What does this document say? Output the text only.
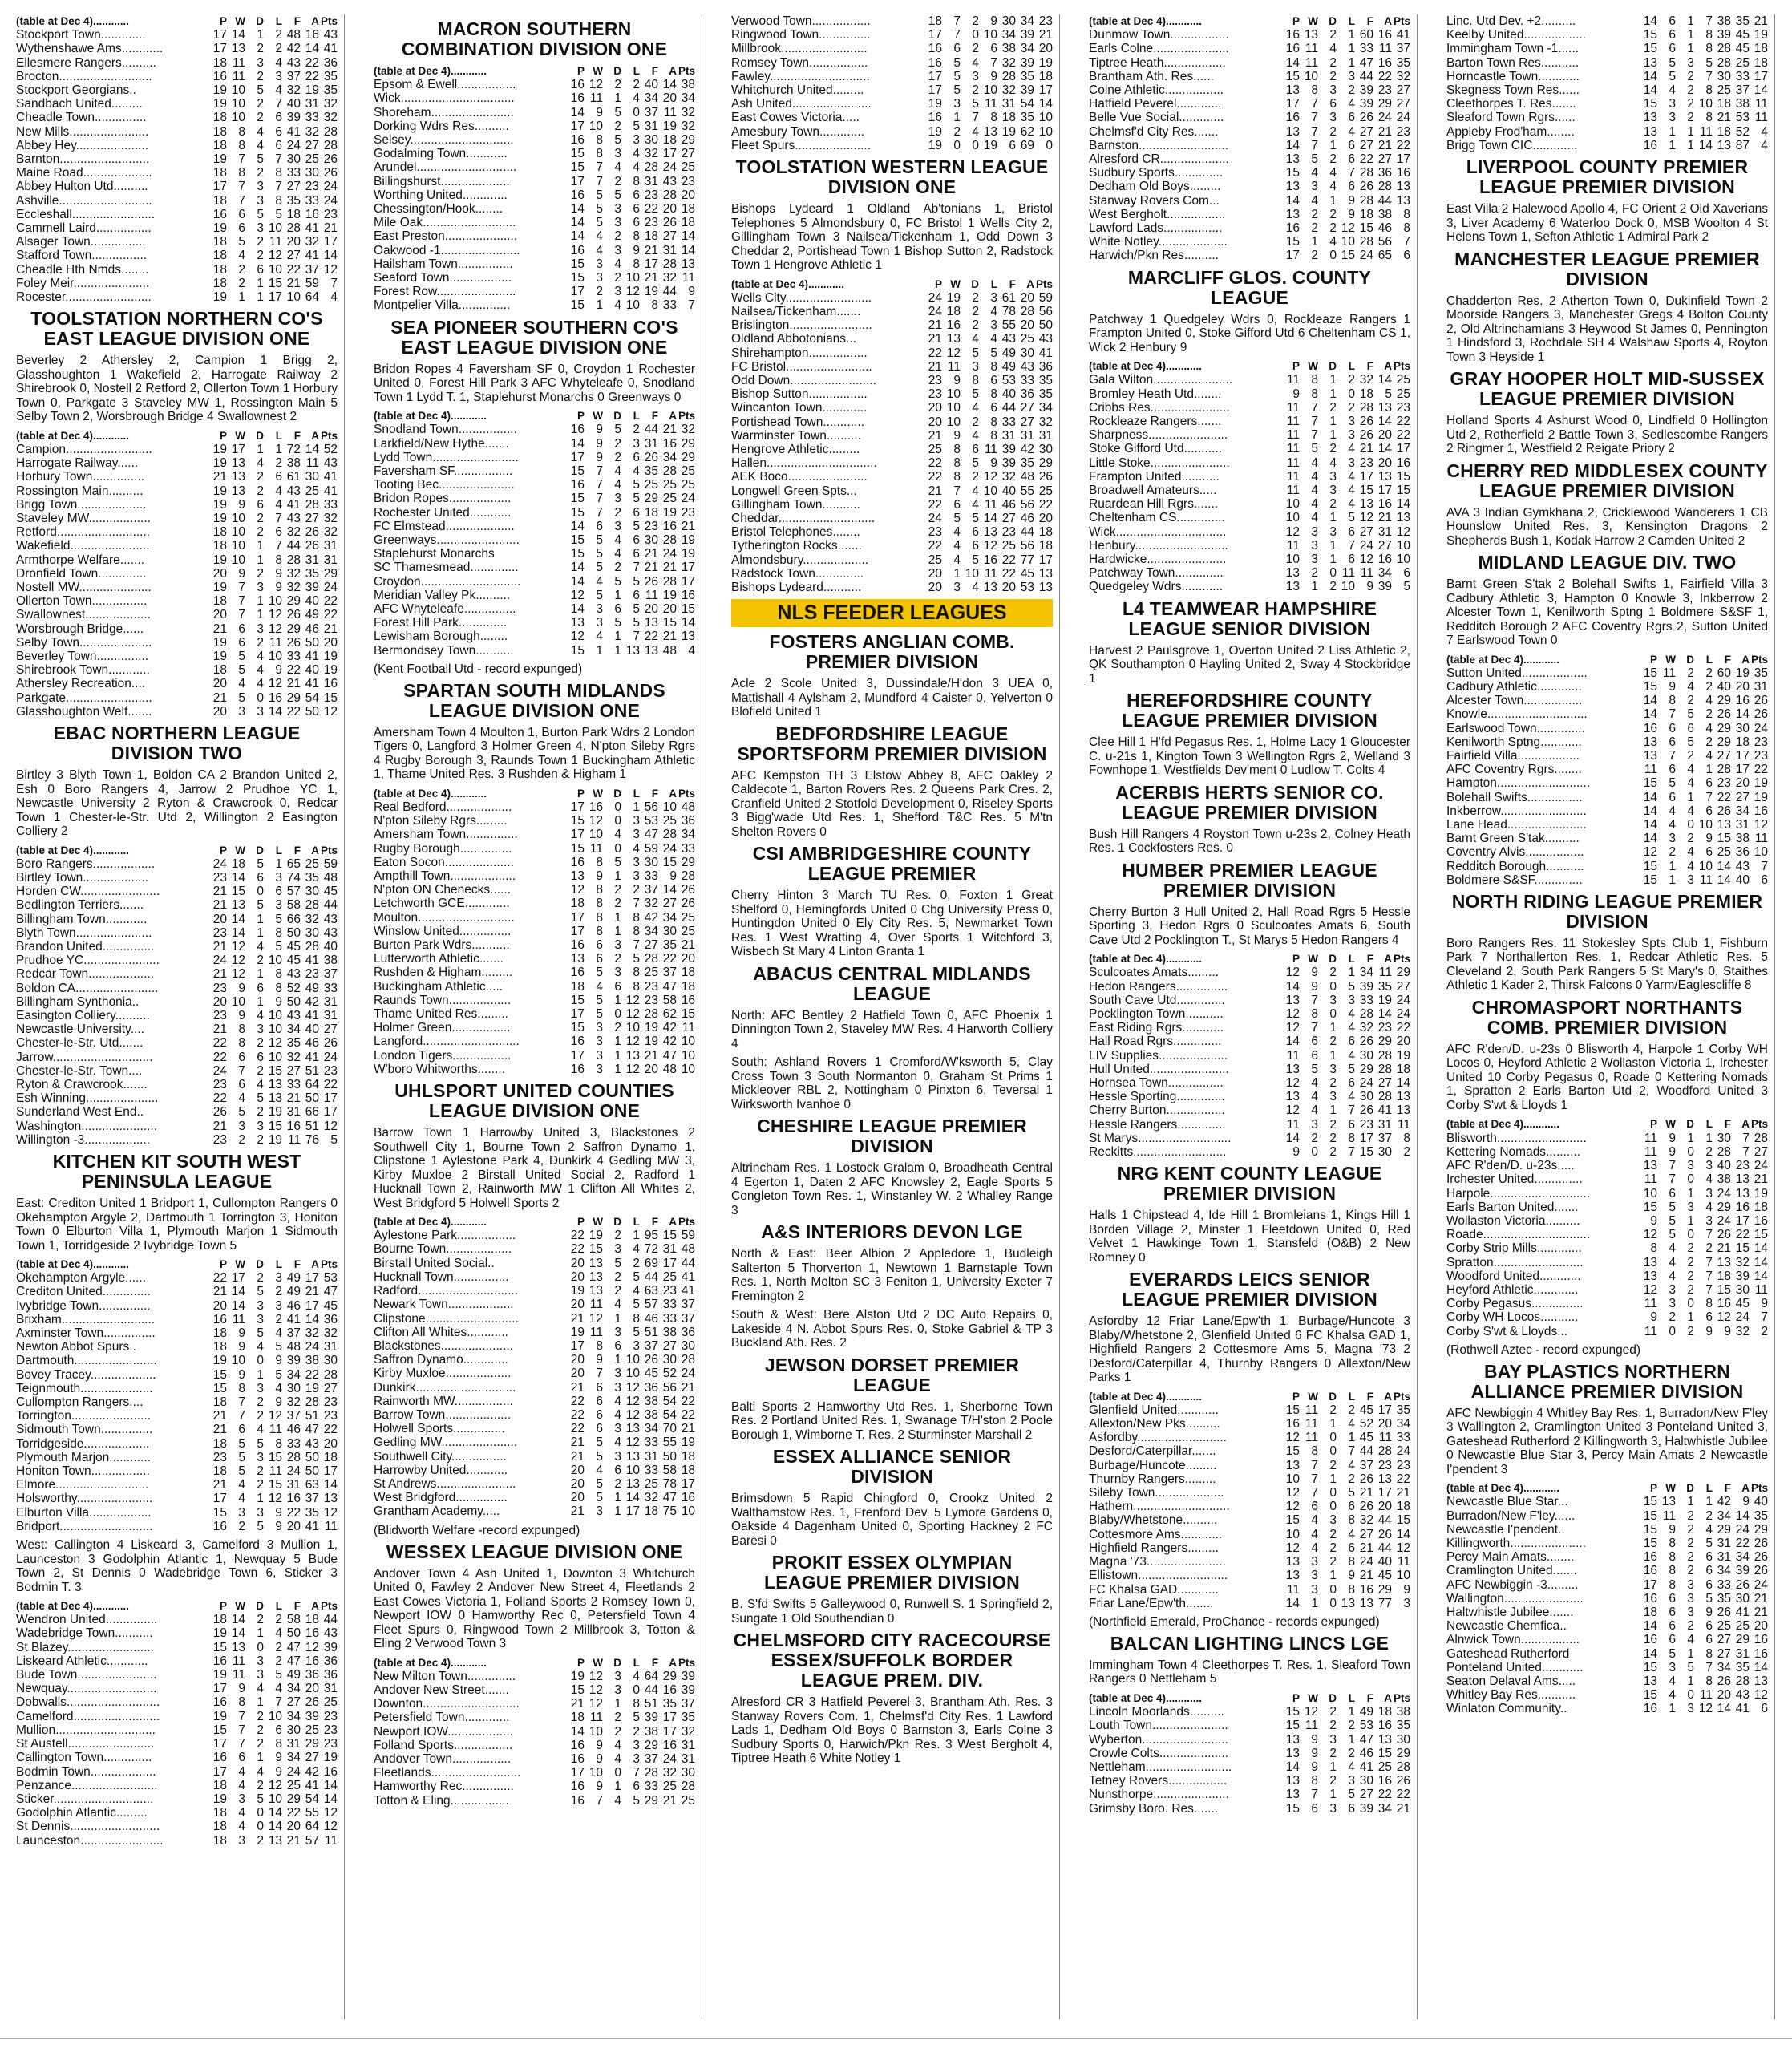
(table at Dec 4)............	P	W	D	L	F	A	Pts
Stockport Town.............	17	14	1	2	48	16	43
Wythenshawe Ams............	17	13	2	2	42	14	41
Ellesmere Rangers..........	18	11	3	4	43	22	36
Brocton...........................	16	11	2	3	37	22	35
Stockport Georgians..	19	10	5	4	32	19	35
Sandbach United.........	19	10	2	7	40	31	32
Cheadle Town...............	18	10	2	6	39	33	32
New Mills.......................	18	8	4	6	41	32	28
Abbey Hey.....................	18	8	4	6	24	27	28
Barnton..........................	19	7	5	7	30	25	26
Maine Road....................	18	8	2	8	33	30	26
Abbey Hulton Utd..........	17	7	3	7	27	23	24
Ashville...........................	18	7	3	8	35	33	24
Eccleshall........................	16	6	5	5	18	16	23
Cammell Laird................	19	6	3	10	28	41	21
Alsager Town................	18	5	2	11	20	32	17
Stafford Town................	18	4	2	12	27	41	14
Cheadle Hth Nmds........	18	2	6	10	22	37	12
Foley Meir......................	18	2	1	15	21	59	7
Rocester.........................	19	1	1	17	10	64	4
TOOLSTATION NORTHERN CO'S EAST LEAGUE DIVISION ONE
Beverley 2 Athersley 2, Campion 1 Brigg 2, Glasshoughton 1 Wakefield 2, Harrogate Railway 2 Shirebrook 0, Nostell 2 Retford 2, Ollerton Town 1 Horbury Town 0, Parkgate 3 Staveley MW 1, Rossington Main 5 Selby Town 2, Worsbrough Bridge 4 Swallownest 2
(table at Dec 4)............	P	W	D	L	F	A	Pts
Campion.........................	19	17	1	1	72	14	52
Harrogate Railway......	19	13	4	2	38	11	43
Horbury Town...............	21	13	2	6	61	30	41
Rossington Main..........	19	13	2	4	43	25	41
Brigg Town....................	19	9	6	4	41	28	33
Staveley MW..................	19	10	2	7	43	27	32
Retford...........................	18	10	2	6	32	26	32
Wakefield.......................	18	10	1	7	44	26	31
Armthorpe Welfare.......	19	10	1	8	28	31	31
Dronfield Town..............	20	9	2	9	32	35	29
Nostell MW.....................	19	7	3	9	32	39	24
Ollerton Town................	18	7	1	10	29	40	22
Swallownest...................	20	7	1	12	26	49	22
Worsbrough Bridge......	21	6	3	12	29	46	21
Selby Town.....................	19	6	2	11	26	50	20
Beverley Town...............	19	5	4	10	33	41	19
Shirebrook Town............	18	5	4	9	22	40	19
Athersley Recreation....	20	4	4	12	21	41	16
Parkgate.........................	21	5	0	16	29	54	15
Glasshoughton Welf.......	20	3	3	14	22	50	12
EBAC NORTHERN LEAGUE DIVISION TWO
Birtley 3 Blyth Town 1, Boldon CA 2 Brandon United 2, Esh 0 Boro Rangers 4, Jarrow 2 Prudhoe YC 1, Newcastle University 2 Ryton & Crawcrook 0, Redcar Town 1 Chester-le-Str. Utd 2, Willington 2 Easington Colliery 2
(table at Dec 4)............	P	W	D	L	F	A	Pts
Boro Rangers..................	24	18	5	1	65	25	59
Birtley Town...................	23	14	6	3	74	35	48
Horden CW.......................	21	15	0	6	57	30	45
Bedlington Terriers.......	21	13	5	3	58	28	44
Billingham Town............	20	14	1	5	66	32	43
Blyth Town......................	23	14	1	8	50	30	43
Brandon United...............	21	12	4	5	45	28	40
Prudhoe YC......................	24	12	2	10	45	41	38
Redcar Town...................	21	12	1	8	43	23	37
Boldon CA........................	23	9	6	8	52	49	33
Billingham Synthonia..	20	10	1	9	50	42	31
Easington Colliery..........	23	9	4	10	43	41	31
Newcastle University....	21	8	3	10	34	40	27
Chester-le-Str. Utd.......	22	8	2	12	35	46	26
Jarrow.............................	22	6	6	10	32	41	24
Chester-le-Str. Town....	24	7	2	15	27	51	23
Ryton & Crawcrook.......	23	6	4	13	33	64	22
Esh Winning.....................	22	4	5	13	21	50	17
Sunderland West End..	26	5	2	19	31	66	17
Washington......................	21	3	3	15	16	51	12
Willington -3...................	23	2	2	19	11	76	5
KITCHEN KIT SOUTH WEST PENINSULA LEAGUE
East: Crediton United 1 Bridport 1, Cullompton Rangers 0 Okehampton Argyle 2, Dartmouth 1 Torrington 3, Honiton Town 0 Elburton Villa 1, Plymouth Marjon 1 Sidmouth Town 1, Torridgeside 2 Ivybridge Town 5
(table at Dec 4)............	P	W	D	L	F	A	Pts
Okehampton Argyle......	22	17	2	3	49	17	53
Crediton United..............	21	14	5	2	49	21	47
Ivybridge Town...............	20	14	3	3	46	17	45
Brixham...........................	16	11	3	2	41	14	36
Axminster Town...............	18	9	5	4	37	32	32
Newton Abbot Spurs..	18	9	4	5	48	24	31
Dartmouth........................	19	10	0	9	39	38	30
Bovey Tracey...................	15	9	1	5	34	22	28
Teignmouth.....................	15	8	3	4	30	19	27
Cullompton Rangers....	18	7	2	9	32	28	23
Torrington.......................	21	7	2	12	37	51	23
Sidmouth Town...............	21	6	4	11	46	47	22
Torridgeside...................	18	5	5	8	33	43	20
Plymouth Marjon............	23	5	3	15	28	50	18
Honiton Town.................	18	5	2	11	24	50	17
Elmore...........................	21	4	2	15	31	63	14
Holsworthy......................	17	4	1	12	16	37	13
Elburton Villa..................	15	3	3	9	22	35	12
Bridport...........................	16	2	5	9	20	41	11
West: Callington 4 Liskeard 3, Camelford 3 Mullion 1, Launceston 3 Godolphin Atlantic 1, Newquay 5 Bude Town 2, St Dennis 0 Wadebridge Town 6, Sticker 3 Bodmin T. 3
(table at Dec 4)............	P	W	D	L	F	A	Pts
Wendron United...............	18	14	2	2	58	18	44
Wadebridge Town...........	19	14	1	4	50	16	43
St Blazey.........................	15	13	0	2	47	12	39
Liskeard Athletic............	16	11	3	2	47	16	36
Bude Town.......................	19	11	3	5	49	36	36
Newquay..........................	17	9	4	4	34	20	31
Dobwalls...........................	16	8	1	7	27	26	25
Camelford.........................	19	7	2	10	34	39	23
Mullion.............................	15	7	2	6	30	25	23
St Austell.........................	17	7	2	8	31	29	23
Callington Town..............	16	6	1	9	34	27	19
Bodmin Town...................	17	4	4	9	24	42	16
Penzance.........................	18	4	2	12	25	41	14
Sticker.............................	19	3	5	10	29	54	14
Godolphin Atlantic.........	18	4	0	14	22	55	12
St Dennis..........................	18	4	0	14	20	64	12
Launceston........................	18	3	2	13	21	57	11
MACRON SOUTHERN COMBINATION DIVISION ONE
(table at Dec 4)............	P	W	D	L	F	A	Pts
Epsom & Ewell.................	16	12	2	2	40	14	38
Wick.................................	16	11	1	4	34	20	34
Shoreham........................	14	9	5	0	37	11	32
Dorking Wdrs Res..........	17	10	2	5	31	19	32
Selsey..............................	16	8	5	3	30	18	29
Godalming Town............	15	8	3	4	32	17	27
Arundel.............................	15	7	4	4	28	24	25
Billingshurst....................	17	7	2	8	31	43	23
Worthing United.............	16	5	5	6	23	28	20
Chessington/Hook........	14	5	3	6	22	20	18
Mile Oak...........................	14	5	3	6	23	26	18
East Preston.....................	14	4	2	8	18	27	14
Oakwood -1.......................	16	4	3	9	21	31	14
Hailsham Town................	15	3	4	8	17	28	13
Seaford Town..................	15	3	2	10	21	32	11
Forest Row.......................	17	2	3	12	19	44	9
Montpelier Villa...............	15	1	4	10	8	33	7
SEA PIONEER SOUTHERN CO'S EAST LEAGUE DIVISION ONE
Bridon Ropes 4 Faversham SF 0, Croydon 1 Rochester United 0, Forest Hill Park 3 AFC Whyteleafe 0, Snodland Town 1 Lydd T. 1, Staplehurst Monarchs 0 Greenways 0
(table at Dec 4)............	P	W	D	L	F	A	Pts
Snodland Town.................	16	9	5	2	44	21	32
Larkfield/New Hythe.......	14	9	2	3	31	16	29
Lydd Town.........................	17	9	2	6	26	34	29
Faversham SF.................	15	7	4	4	35	28	25
Tooting Bec......................	16	7	4	5	25	25	25
Bridon Ropes..................	15	7	3	5	29	25	24
Rochester United............	15	7	2	6	18	19	23
FC Elmstead....................	14	6	3	5	23	16	21
Greenways........................	15	5	4	6	30	28	19
Staplehurst Monarchs	15	5	4	6	21	24	19
SC Thamesmead..............	14	5	2	7	21	21	17
Croydon.............................	14	4	5	5	26	28	17
Meridian Valley Pk..........	12	5	1	6	11	19	16
AFC Whyteleafe...............	14	3	6	5	20	20	15
Forest Hill Park..............	13	3	5	5	13	15	14
Lewisham Borough........	12	4	1	7	22	21	13
Bermondsey Town...........	15	1	1	13	13	48	4
(Kent Football Utd - record expunged)
SPARTAN SOUTH MIDLANDS LEAGUE DIVISION ONE
Amersham Town 4 Moulton 1, Burton Park Wdrs 2 London Tigers 0, Langford 3 Holmer Green 4, N'pton Sileby Rgrs 4 Rugby Borough 3, Raunds Town 1 Buckingham Athletic 1, Thame United Res. 3 Rushden & Higham 1
(table at Dec 4)............	P	W	D	L	F	A	Pts
Real Bedford...................	17	16	0	1	56	10	48
N'pton Sileby Rgrs.........	15	12	0	3	53	25	36
Amersham Town...............	17	10	4	3	47	28	34
Rugby Borough...............	15	11	0	4	59	24	33
Eaton Socon....................	16	8	5	3	30	15	29
Ampthill Town...................	13	9	1	3	33	9	28
N'pton ON Chenecks......	12	8	2	2	37	14	26
Letchworth GCE.............	18	8	2	7	32	27	26
Moulton............................	17	8	1	8	42	34	25
Winslow United...............	17	8	1	8	34	30	25
Burton Park Wdrs...........	16	6	3	7	27	35	21
Lutterworth Athletic.......	13	6	2	5	28	22	20
Rushden & Higham.........	16	5	3	8	25	37	18
Buckingham Athletic.....	18	4	6	8	23	47	18
Raunds Town..................	15	5	1	12	23	58	16
Thame United Res.........	17	5	0	12	28	62	15
Holmer Green.................	15	3	2	10	19	42	11
Langford............................	16	3	1	12	19	42	10
London Tigers.................	17	3	1	13	21	47	10
W'boro Whitworths........	16	3	1	12	20	48	10
UHLSPORT UNITED COUNTIES LEAGUE DIVISION ONE
Barrow Town 1 Harrowby United 3, Blackstones 2 Southwell City 1, Bourne Town 2 Saffron Dynamo 1, Clipstone 1 Aylestone Park 4, Dunkirk 4 Gedling MW 3, Kirby Muxloe 2 Birstall United Social 2, Radford 1 Hucknall Town 2, Rainworth MW 1 Clifton All Whites 2, West Bridgford 5 Holwell Sports 2
(table at Dec 4)............	P	W	D	L	F	A	Pts
Aylestone Park.................	22	19	2	1	95	15	59
Bourne Town...................	22	15	3	4	72	31	48
Birstall United Social..	20	13	5	2	69	17	44
Hucknall Town................	20	13	2	5	44	25	41
Radford.............................	19	13	2	4	63	23	41
Newark Town...................	20	11	4	5	57	33	37
Clipstone...........................	21	12	1	8	46	33	37
Clifton All Whites............	19	11	3	5	51	38	36
Blackstones.....................	17	8	6	3	37	27	30
Saffron Dynamo.............	20	9	1	10	26	30	28
Kirby Muxloe...................	20	7	3	10	45	52	24
Dunkirk.............................	21	6	3	12	36	56	21
Rainworth MW.................	22	6	4	12	38	54	22
Barrow Town...................	22	6	4	12	38	54	22
Holwell Sports...............	22	6	3	13	34	70	21
Gedling MW......................	21	5	4	12	33	55	19
Southwell City................	21	5	3	13	31	50	18
Harrowby United............	20	4	6	10	33	58	18
St Andrews.......................	20	5	2	13	25	78	17
West Bridgford...............	20	5	1	14	32	47	16
Grantham Academy.....	21	3	1	17	18	75	10
(Blidworth Welfare -record expunged)
WESSEX LEAGUE DIVISION ONE
Andover Town 4 Ash United 1, Downton 3 Whitchurch United 0, Fawley 2 Andover New Street 4, Fleetlands 2 East Cowes Victoria 1, Folland Sports 2 Romsey Town 0, Newport IOW 0 Hamworthy Rec 0, Petersfield Town 4 Fleet Spurs 0, Ringwood Town 2 Millbrook 3, Totton & Eling 2 Verwood Town 3
(table at Dec 4)............	P	W	D	L	F	A	Pts
New Milton Town..............	19	12	3	4	64	29	39
Andover New Street.......	15	12	3	0	44	16	39
Downton............................	21	12	1	8	51	35	37
Petersfield Town.............	18	11	2	5	39	17	35
Newport IOW...................	14	10	2	2	38	17	32
Folland Sports.................	16	9	4	3	29	16	31
Andover Town.................	16	9	4	3	37	24	31
Fleetlands..........................	17	10	0	7	28	32	30
Hamworthy Rec...............	16	9	1	6	33	25	28
Totton & Eling.................	16	7	4	5	29	21	25
Verwood Town.................	18	7	2	9	30	34	23
Ringwood Town...............	17	7	0	10	34	39	21
Millbrook.........................	16	6	2	6	38	34	20
Romsey Town.................	16	5	4	7	32	39	19
Fawley.............................	17	5	3	9	28	35	18
Whitchurch United.........	17	5	2	10	32	39	17
Ash United.......................	19	3	5	11	31	54	14
East Cowes Victoria.....	16	1	7	8	18	35	10
Amesbury Town.............	19	2	4	13	19	62	10
Fleet Spurs......................	19	0	0	19	6	69	0
TOOLSTATION WESTERN LEAGUE DIVISION ONE
Bishops Lydeard 1 Oldland Ab'tonians 1, Bristol Telephones 5 Almondsbury 0, FC Bristol 1 Wells City 2, Gillingham Town 3 Nailsea/Tickenham 1, Odd Down 3 Cheddar 2, Portishead Town 1 Bishop Sutton 2, Radstock Town 1 Hengrove Athletic 1
(table at Dec 4)............	P	W	D	L	F	A	Pts
Wells City.........................	24	19	2	3	61	20	59
Nailsea/Tickenham.......	24	18	2	4	78	28	56
Brislington........................	21	16	2	3	55	20	50
Oldland Abbotonians...	21	13	4	4	43	25	43
Shirehampton.................	22	12	5	5	49	30	41
FC Bristol.........................	21	11	3	8	49	43	36
Odd Down.........................	23	9	8	6	53	33	35
Bishop Sutton.................	23	10	5	8	40	36	35
Wincanton Town.............	20	10	4	6	44	27	34
Portishead Town............	20	10	2	8	33	27	32
Warminster Town..........	21	9	4	8	31	31	31
Hengrove Athletic.........	25	8	6	11	39	42	30
Hallen................................	22	8	5	9	39	35	29
AEK Boco.......................	22	8	2	12	32	48	26
Longwell Green Spts...	21	7	4	10	40	55	25
Gillingham Town...........	22	6	4	11	46	56	22
Cheddar............................	24	5	5	14	27	46	20
Bristol Telephones........	23	4	6	13	23	44	18
Tytherington Rocks.......	22	4	6	12	25	56	18
Almondsbury...................	25	4	5	16	22	77	17
Radstock Town..............	20	1	10	11	22	45	13
Bishops Lydeard...........	20	3	4	13	20	53	13
NLS FEEDER LEAGUES
FOSTERS ANGLIAN COMB. PREMIER DIVISION
Acle 2 Scole United 3, Dussindale/H'don 3 UEA 0, Mattishall 4 Aylsham 2, Mundford 4 Caister 0, Yelverton 0 Blofield United 1
BEDFORDSHIRE LEAGUE SPORTSFORM PREMIER DIVISION
AFC Kempston TH 3 Elstow Abbey 8, AFC Oakley 2 Caldecote 1, Barton Rovers Res. 2 Queens Park Cres. 2, Cranfield United 2 Stotfold Development 0, Riseley Sports 3 Bigg'wade Utd Res. 1, Shefford T&C Res. 5 M'tn Shelton Rovers 0
CSI AMBRIDGESHIRE COUNTY LEAGUE PREMIER
Cherry Hinton 3 March TU Res. 0, Foxton 1 Great Shelford 0, Hemingfords United 0 Cbg University Press 0, Huntingdon United 0 Ely City Res. 5, Newmarket Town Res. 1 West Wratting 4, Over Sports 1 Witchford 3, Wisbech St Mary 4 Linton Granta 1
ABACUS CENTRAL MIDLANDS LEAGUE
North: AFC Bentley 2 Hatfield Town 0, AFC Phoenix 1 Dinnington Town 2, Staveley MW Res. 4 Harworth Colliery 4
South: Ashland Rovers 1 Cromford/W'ksworth 5, Clay Cross Town 3 South Normanton 0, Graham St Prims 1 Mickleover RBL 2, Nottingham 0 Pinxton 6, Teversal 1 Wirksworth Ivanhoe 0
CHESHIRE LEAGUE PREMIER DIVISION
Altrincham Res. 1 Lostock Gralam 0, Broadheath Central 4 Egerton 1, Daten 2 AFC Knowsley 2, Eagle Sports 5 Congleton Town Res. 1, Winstanley W. 2 Whalley Range 3
A&S INTERIORS DEVON LGE
North & East: Beer Albion 2 Appledore 1, Budleigh Salterton 5 Thorverton 1, Newtown 1 Barnstaple Town Res. 1, North Molton SC 3 Feniton 1, University Exeter 7 Fremington 2
South & West: Bere Alston Utd 2 DC Auto Repairs 0, Lakeside 4 N. Abbot Spurs Res. 0, Stoke Gabriel & TP 3 Buckland Ath. Res. 2
JEWSON DORSET PREMIER LEAGUE
Balti Sports 2 Hamworthy Utd Res. 1, Sherborne Town Res. 2 Portland United Res. 1, Swanage T/H'ston 2 Poole Borough 1, Wimborne T. Res. 2 Sturminster Marshall 2
ESSEX ALLIANCE SENIOR DIVISION
Brimsdown 5 Rapid Chingford 0, Crookz United 2 Walthamstow Res. 1, Frenford Dev. 5 Lymore Gardens 0, Oakside 4 Dagenham United 0, Sporting Hackney 2 FC Baresi 0
PROKIT ESSEX OLYMPIAN LEAGUE PREMIER DIVISION
B. S'fd Swifts 5 Galleywood 0, Runwell S. 1 Springfield 2, Sungate 1 Old Southendian 0
CHELMSFORD CITY RACECOURSE ESSEX/SUFFOLK BORDER LEAGUE PREM. DIV.
Alresford CR 3 Hatfield Peverel 3, Brantham Ath. Res. 3 Stanway Rovers Com. 1, Chelmsf'd City Res. 1 Lawford Lads 1, Dedham Old Boys 0 Barnston 3, Earls Colne 3 Sudbury Sports 0, Harwich/Pkn Res. 3 West Bergholt 4, Tiptree Heath 6 White Notley 1
(table at Dec 4)............	P	W	D	L	F	A	Pts
Dunmow Town.................	16	13	2	1	60	16	41
Earls Colne......................	16	11	4	1	33	11	37
Tiptree Heath..................	14	11	2	1	47	16	35
Brantham Ath. Res......	15	10	2	3	44	22	32
Colne Athletic.................	13	8	3	2	39	23	27
Hatfield Peverel.............	17	7	6	4	39	29	27
Belle Vue Social.............	16	7	3	6	26	24	24
Chelmsf'd City Res.......	13	7	2	4	27	21	23
Barnston..........................	14	7	1	6	27	21	22
Alresford CR....................	13	5	2	6	22	27	17
Sudbury Sports..............	15	4	4	7	28	36	16
Dedham Old Boys.........	13	3	4	6	26	28	13
Stanway Rovers Com...	14	4	1	9	28	44	13
West Bergholt.................	13	2	2	9	18	38	8
Lawford Lads.................	16	2	2	12	15	46	8
White Notley....................	15	1	4	10	28	56	7
Harwich/Pkn Res..........	17	2	0	15	24	65	6
MARCLIFF GLOS. COUNTY LEAGUE
Patchway 1 Quedgeley Wdrs 0, Rockleaze Rangers 1 Frampton United 0, Stoke Gifford Utd 6 Cheltenham CS 1, Wick 2 Henbury 9
(table at Dec 4)............	P	W	D	L	F	A	Pts
Gala Wilton.......................	11	8	1	2	32	14	25
Bromley Heath Utd........	9	8	1	0	18	5	25
Cribbs Res.......................	11	7	2	2	28	13	23
Rockleaze Rangers.......	11	7	1	3	26	14	22
Sharpness.......................	11	7	1	3	26	20	22
Stoke Gifford Utd...........	11	5	2	4	21	14	17
Little Stoke.......................	11	4	4	3	23	20	16
Frampton United...........	11	4	3	4	17	13	15
Broadwell Amateurs.....	11	4	3	4	15	17	15
Ruardean Hill Rgrs.......	10	4	2	4	13	16	14
Cheltenham CS..............	10	4	1	5	12	21	13
Wick................................	12	3	3	6	27	31	12
Henbury...........................	11	3	1	7	24	27	10
Hardwicke.......................	10	3	1	6	12	16	10
Patchway Town..............	13	2	0	11	11	34	6
Quedgeley Wdrs............	13	1	2	10	9	39	5
L4 TEAMWEAR HAMPSHIRE LEAGUE SENIOR DIVISION
Harvest 2 Paulsgrove 1, Overton United 2 Liss Athletic 2, QK Southampton 0 Hayling United 2, Sway 4 Stockbridge 1
HEREFORDSHIRE COUNTY LEAGUE PREMIER DIVISION
Clee Hill 1 H'fd Pegasus Res. 1, Holme Lacy 1 Gloucester C. u-21s 1, Kington Town 3 Wellington Rgrs 2, Welland 3 Fownhope 1, Westfields Dev'ment 0 Ludlow T. Colts 4
ACERBIS HERTS SENIOR CO. LEAGUE PREMIER DIVISION
Bush Hill Rangers 4 Royston Town u-23s 2, Colney Heath Res. 1 Cockfosters Res. 0
HUMBER PREMIER LEAGUE PREMIER DIVISION
Cherry Burton 3 Hull United 2, Hall Road Rgrs 5 Hessle Sporting 3, Hedon Rgrs 0 Sculcoates Amats 6, South Cave Utd 2 Pocklington T., St Marys 5 Hedon Rangers 4
(table at Dec 4)............	P	W	D	L	F	A	Pts
Sculcoates Amats.........	12	9	2	1	34	11	29
Hedon Rangers...............	14	9	0	5	39	35	27
South Cave Utd..............	13	7	3	3	33	19	24
Pocklington Town...........	12	8	0	4	28	14	24
East Riding Rgrs............	12	7	1	4	32	23	22
Hall Road Rgrs..............	14	6	2	6	26	29	20
LIV Supplies....................	11	6	1	4	30	28	19
Hull United.......................	13	5	3	5	29	28	18
Hornsea Town................	12	4	2	6	24	27	14
Hessle Sporting..............	13	4	3	4	30	28	13
Cherry Burton.................	12	4	1	7	26	41	13
Hessle Rangers..............	11	3	2	6	23	31	11
St Marys...........................	14	2	2	8	17	37	8
Reckitts...........................	9	0	2	7	15	30	2
NRG KENT COUNTY LEAGUE PREMIER DIVISION
Halls 1 Chipstead 4, Ide Hill 1 Bromleians 1, Kings Hill 1 Borden Village 2, Minster 1 Fleetdown United 0, Red Velvet 1 Hawkinge Town 1, Stansfeld (O&B) 2 New Romney 0
EVERARDS LEICS SENIOR LEAGUE PREMIER DIVISION
Asfordby 12 Friar Lane/Epw'th 1, Burbage/Huncote 3 Blaby/Whetstone 2, Glenfield United 6 FC Khalsa GAD 1, Highfield Rangers 2 Cottesmore Ams 5, Magna '73 2 Desford/Caterpillar 4, Thurnby Rangers 0 Allexton/New Parks 1
(table at Dec 4)............	P	W	D	L	F	A	Pts
Glenfield United............	15	11	2	2	45	17	35
Allexton/New Pks..........	16	11	1	4	52	20	34
Asfordby..........................	12	11	0	1	45	11	33
Desford/Caterpillar.......	15	8	0	7	44	28	24
Burbage/Huncote.........	13	7	2	4	37	23	23
Thurnby Rangers.........	10	7	1	2	26	13	22
Sileby Town....................	12	7	0	5	21	17	21
Hathern............................	12	6	0	6	26	20	18
Blaby/Whetstone..........	15	4	3	8	32	44	15
Cottesmore Ams............	10	4	2	4	27	26	14
Highfield Rangers.........	12	4	2	6	21	44	12
Magna '73.......................	13	3	2	8	24	40	11
Ellistown..........................	13	3	1	9	21	45	10
FC Khalsa GAD............	11	3	0	8	16	29	9
Friar Lane/Epw'th........	14	1	0	13	13	77	3
(Northfield Emerald, ProChance - records expunged)
BALCAN LIGHTING LINCS LGE
Immingham Town 4 Cleethorpes T. Res. 1, Sleaford Town Rangers 0 Nettleham 5
(table at Dec 4)............	P	W	D	L	F	A	Pts
Lincoln Moorlands..........	15	12	2	1	49	18	38
Louth Town......................	15	11	2	2	53	16	35
Wyberton.........................	13	9	3	1	47	13	30
Crowle Colts....................	13	9	2	2	46	15	29
Nettleham.........................	14	9	1	4	41	25	28
Tetney Rovers.................	13	8	2	3	30	16	26
Nunsthorpe......................	13	7	1	5	27	22	22
Grimsby Boro. Res.......	15	6	3	6	39	34	21
Linc. Utd Dev. +2..........	14	6	1	7	38	35	21
Keelby United..................	15	6	1	8	39	45	19
Immingham Town -1......	15	6	1	8	28	45	18
Barton Town Res...........	13	5	3	5	28	25	18
Horncastle Town............	14	5	2	7	30	33	17
Skegness Town Res......	14	4	2	8	25	37	14
Cleethorpes T. Res.......	15	3	2	10	18	38	11
Sleaford Town Rgrs......	13	3	2	8	21	53	11
Appleby Frod'ham........	13	1	1	11	18	52	4
Brigg Town CIC.............	16	1	1	14	13	87	4
LIVERPOOL COUNTY PREMIER LEAGUE PREMIER DIVISION
East Villa 2 Halewood Apollo 4, FC Orient 2 Old Xaverians 3, Liver Academy 6 Waterloo Dock 0, MSB Woolton 4 St Helens Town 1, Sefton Athletic 1 Admiral Park 2
MANCHESTER LEAGUE PREMIER DIVISION
Chadderton Res. 2 Atherton Town 0, Dukinfield Town 2 Moorside Rangers 3, Manchester Gregs 4 Bolton County 2, Old Altrinchamians 3 Heywood St James 0, Pennington 1 Hindsford 3, Rochdale SH 4 Walshaw Sports 4, Royton Town 3 Heyside 1
GRAY HOOPER HOLT MID-SUSSEX LEAGUE PREMIER DIVISION
Holland Sports 4 Ashurst Wood 0, Lindfield 0 Hollington Utd 2, Rotherfield 2 Battle Town 3, Sedlescombe Rangers 2 Ringmer 1, Westfield 2 Reigate Priory 2
CHERRY RED MIDDLESEX COUNTY LEAGUE PREMIER DIVISION
AVA 3 Indian Gymkhana 2, Cricklewood Wanderers 1 CB Hounslow United Res. 3, Kensington Dragons 2 Shepherds Bush 1, Kodak Harrow 2 Camden United 2
MIDLAND LEAGUE DIV. TWO
Barnt Green S'tak 2 Bolehall Swifts 1, Fairfield Villa 3 Cadbury Athletic 3, Hampton 0 Knowle 3, Inkberrow 2 Alcester Town 1, Kenilworth Sptng 1 Boldmere S&SF 1, Redditch Borough 2 AFC Coventry Rgrs 2, Sutton United 7 Earlswood Town 0
(table at Dec 4)............	P	W	D	L	F	A	Pts
Sutton United...................	15	11	2	2	60	19	35
Cadbury Athletic.............	15	9	4	2	40	20	31
Alcester Town.................	14	8	2	4	29	16	26
Knowle.............................	14	7	5	2	26	14	26
Earlswood Town..............	16	6	6	4	29	30	24
Kenilworth Sptng............	13	6	5	2	29	18	23
Fairfield Villa..................	13	7	2	4	27	17	23
AFC Coventry Rgrs........	11	6	4	1	28	17	22
Hampton...........................	15	5	4	6	23	20	19
Bolehall Swifts................	14	6	1	7	22	27	19
Inkberrow.........................	14	4	4	6	26	34	16
Lane Head.......................	14	4	0	10	13	31	12
Barnt Green S'tak..........	14	3	2	9	15	38	11
Coventry Alvis.................	12	2	4	6	25	36	10
Redditch Borough...........	15	1	4	10	14	43	7
Boldmere S&SF..............	15	1	3	11	14	40	6
NORTH RIDING LEAGUE PREMIER DIVISION
Boro Rangers Res. 11 Stokesley Spts Club 1, Fishburn Park 7 Northallerton Res. 1, Redcar Athletic Res. 5 Cleveland 2, South Park Rangers 5 St Mary's 0, Staithes Athletic 1 Kader 2, Thirsk Falcons 0 Yarm/Eaglescliffe 8
CHROMASPORT NORTHANTS COMB. PREMIER DIVISION
AFC R'den/D. u-23s 0 Blisworth 4, Harpole 1 Corby WH Locos 0, Heyford Athletic 2 Wollaston Victoria 1, Irchester United 10 Corby Pegasus 0, Roade 0 Kettering Nomads 1, Spratton 2 Earls Barton Utd 2, Woodford United 3 Corby S'wt & Lloyds 1
(table at Dec 4)............	P	W	D	L	F	A	Pts
Blisworth..........................	11	9	1	1	30	7	28
Kettering Nomads..........	11	9	0	2	28	7	27
AFC R'den/D. u-23s.....	13	7	3	3	40	23	24
Irchester United..............	11	7	0	4	38	13	21
Harpole.............................	10	6	1	3	24	13	19
Earls Barton United.......	15	5	3	4	29	16	18
Wollaston Victoria..........	9	5	1	3	24	17	16
Roade...............................	12	5	0	7	26	22	15
Corby Strip Mills.............	8	4	2	2	21	15	14
Spratton..........................	13	4	2	7	13	32	14
Woodford United............	13	4	2	7	18	39	14
Heyford Athletic.............	12	3	2	7	15	30	11
Corby Pegasus...............	11	3	0	8	16	45	9
Corby WH Locos...........	9	2	1	6	12	24	7
Corby S'wt & Lloyds...	11	0	2	9	9	32	2
(Rothwell Aztec - record expunged)
BAY PLASTICS NORTHERN ALLIANCE PREMIER DIVISION
AFC Newbiggin 4 Whitley Bay Res. 1, Burradon/New F'ley 3 Wallington 2, Cramlington United 3 Ponteland United 3, Gateshead Rutherford 2 Killingworth 3, Haltwhistle Jubilee 0 Newcastle Blue Star 3, Percy Main Amats 2 Newcastle I'pendent 3
(table at Dec 4)............	P	W	D	L	F	A	Pts
Newcastle Blue Star...	15	13	1	1	42	9	40
Burradon/New F'ley......	15	11	2	2	34	14	35
Newcastle I'pendent..	15	9	2	4	29	24	29
Killingworth......................	15	8	2	5	31	22	26
Percy Main Amats........	16	8	2	6	31	34	26
Cramlington United.......	16	8	2	6	34	39	26
AFC Newbiggin -3.........	17	8	3	6	33	26	24
Wallington.......................	16	6	3	5	35	30	21
Haltwhistle Jubilee.......	18	6	3	9	26	41	21
Newcastle Chemfica..	14	6	2	6	25	25	20
Alnwick Town.................	16	6	4	6	27	29	16
Gateshead Rutherford	14	5	1	8	27	31	16
Ponteland United............	15	3	5	7	34	35	14
Seaton Delaval Ams.....	13	4	1	8	26	28	13
Whitley Bay Res...........	15	4	0	11	20	43	12
Winlaton Community..	16	1	3	12	14	41	6
